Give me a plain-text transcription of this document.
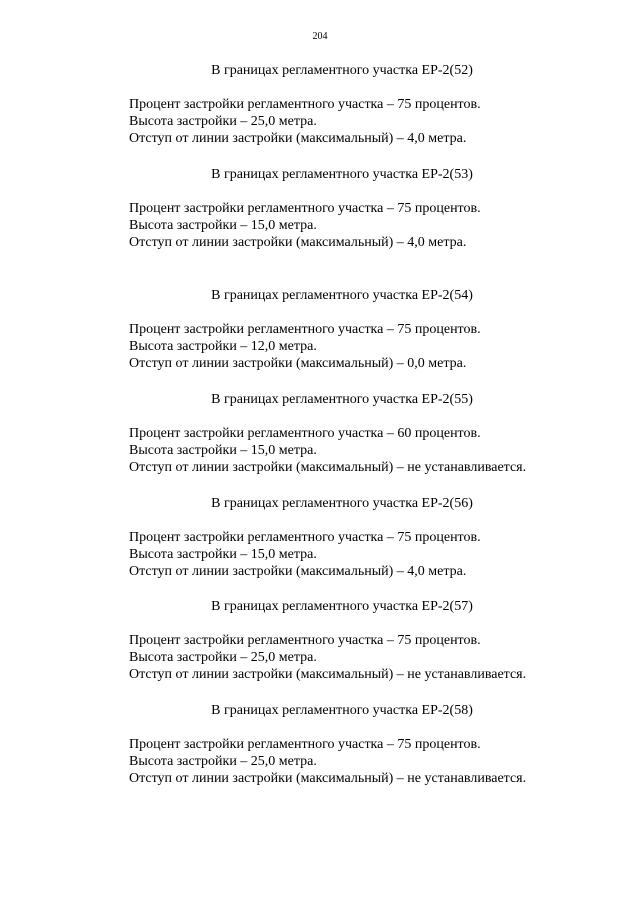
204
В границах регламентного участка ЕР-2(52)
Процент застройки регламентного участка – 75 процентов.
Высота застройки – 25,0 метра.
Отступ от линии застройки (максимальный) – 4,0 метра.
В границах регламентного участка ЕР-2(53)
Процент застройки регламентного участка – 75 процентов.
Высота застройки – 15,0 метра.
Отступ от линии застройки (максимальный) – 4,0 метра.
В границах регламентного участка ЕР-2(54)
Процент застройки регламентного участка – 75 процентов.
Высота застройки – 12,0 метра.
Отступ от линии застройки (максимальный) – 0,0 метра.
В границах регламентного участка ЕР-2(55)
Процент застройки регламентного участка – 60 процентов.
Высота застройки – 15,0 метра.
Отступ от линии застройки (максимальный) – не устанавливается.
В границах регламентного участка ЕР-2(56)
Процент застройки регламентного участка – 75 процентов.
Высота застройки – 15,0 метра.
Отступ от линии застройки (максимальный) – 4,0 метра.
В границах регламентного участка ЕР-2(57)
Процент застройки регламентного участка – 75 процентов.
Высота застройки – 25,0 метра.
Отступ от линии застройки (максимальный) – не устанавливается.
В границах регламентного участка ЕР-2(58)
Процент застройки регламентного участка – 75 процентов.
Высота застройки – 25,0 метра.
Отступ от линии застройки (максимальный) – не устанавливается.
